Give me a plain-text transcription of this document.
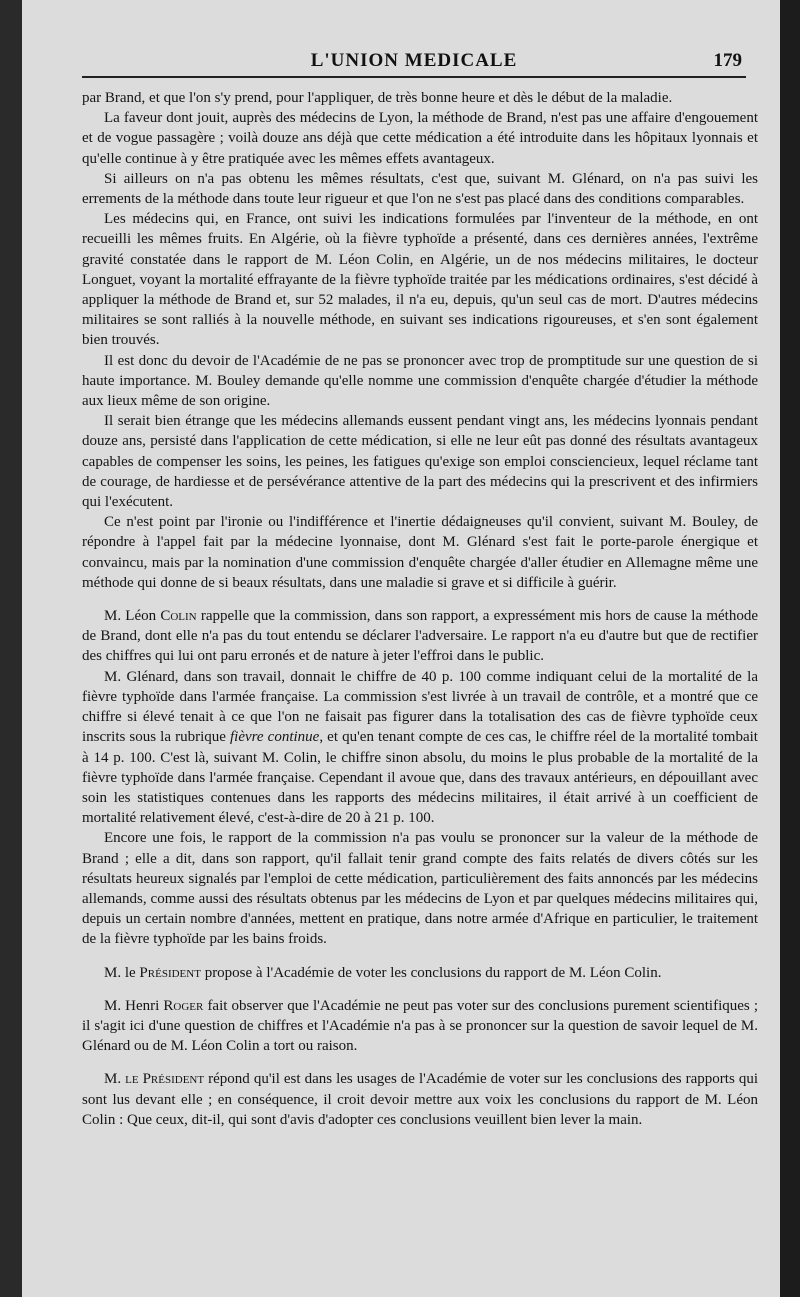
L'UNION MEDICALE	179

par Brand, et que l'on s'y prend, pour l'appliquer, de très bonne heure et dès le début de la maladie.

La faveur dont jouit, auprès des médecins de Lyon, la méthode de Brand, n'est pas une affaire d'engouement et de vogue passagère ; voilà douze ans déjà que cette médication a été introduite dans les hôpitaux lyonnais et qu'elle continue à y être pratiquée avec les mêmes effets avantageux.

Si ailleurs on n'a pas obtenu les mêmes résultats, c'est que, suivant M. Glénard, on n'a pas suivi les errements de la méthode dans toute leur rigueur et que l'on ne s'est pas placé dans des conditions comparables.

Les médecins qui, en France, ont suivi les indications formulées par l'inventeur de la méthode, en ont recueilli les mêmes fruits. En Algérie, où la fièvre typhoïde a présenté, dans ces dernières années, l'extrême gravité constatée dans le rapport de M. Léon Colin, en Algérie, un de nos médecins militaires, le docteur Longuet, voyant la mortalité effrayante de la fièvre typhoïde traitée par les médications ordinaires, s'est décidé à appliquer la méthode de Brand et, sur 52 malades, il n'a eu, depuis, qu'un seul cas de mort. D'autres médecins militaires se sont ralliés à la nouvelle méthode, en suivant ses indications rigoureuses, et s'en sont également bien trouvés.

Il est donc du devoir de l'Académie de ne pas se prononcer avec trop de promptitude sur une question de si haute importance. M. Bouley demande qu'elle nomme une commission d'enquête chargée d'étudier la méthode aux lieux même de son origine.

Il serait bien étrange que les médecins allemands eussent pendant vingt ans, les médecins lyonnais pendant douze ans, persisté dans l'application de cette médication, si elle ne leur eût pas donné des résultats avantageux capables de compenser les soins, les peines, les fatigues qu'exige son emploi consciencieux, lequel réclame tant de courage, de hardiesse et de persévérance attentive de la part des médecins qui la prescrivent et des infirmiers qui l'exécutent.

Ce n'est point par l'ironie ou l'indifférence et l'inertie dédaigneuses qu'il convient, suivant M. Bouley, de répondre à l'appel fait par la médecine lyonnaise, dont M. Glénard s'est fait le porte-parole énergique et convaincu, mais par la nomination d'une commission d'enquête chargée d'aller étudier en Allemagne même une méthode qui donne de si beaux résultats, dans une maladie si grave et si difficile à guérir.

M. Léon Colin rappelle que la commission, dans son rapport, a expressément mis hors de cause la méthode de Brand, dont elle n'a pas du tout entendu se déclarer l'adversaire. Le rapport n'a eu d'autre but que de rectifier des chiffres qui lui ont paru erronés et de nature à jeter l'effroi dans le public.

M. Glénard, dans son travail, donnait le chiffre de 40 p. 100 comme indiquant celui de la mortalité de la fièvre typhoïde dans l'armée française. La commission s'est livrée à un travail de contrôle, et a montré que ce chiffre si élevé tenait à ce que l'on ne faisait pas figurer dans la totalisation des cas de fièvre typhoïde ceux inscrits sous la rubrique fièvre continue, et qu'en tenant compte de ces cas, le chiffre réel de la mortalité tombait à 14 p. 100. C'est là, suivant M. Colin, le chiffre sinon absolu, du moins le plus probable de la mortalité de la fièvre typhoïde dans l'armée française. Cependant il avoue que, dans des travaux antérieurs, en dépouillant avec soin les statistiques contenues dans les rapports des médecins militaires, il était arrivé à un coefficient de mortalité relativement élevé, c'est-à-dire de 20 à 21 p. 100.

Encore une fois, le rapport de la commission n'a pas voulu se prononcer sur la valeur de la méthode de Brand ; elle a dit, dans son rapport, qu'il fallait tenir grand compte des faits relatés de divers côtés sur les résultats heureux signalés par l'emploi de cette médication, particulièrement des faits annoncés par les médecins allemands, comme aussi des résultats obtenus par les médecins de Lyon et par quelques médecins militaires qui, depuis un certain nombre d'années, mettent en pratique, dans notre armée d'Afrique en particulier, le traitement de la fièvre typhoïde par les bains froids.

M. le Président propose à l'Académie de voter les conclusions du rapport de M. Léon Colin.

M. Henri Roger fait observer que l'Académie ne peut pas voter sur des conclusions purement scientifiques ; il s'agit ici d'une question de chiffres et l'Académie n'a pas à se prononcer sur la question de savoir lequel de M. Glénard ou de M. Léon Colin a tort ou raison.

M. le Président répond qu'il est dans les usages de l'Académie de voter sur les conclusions des rapports qui sont lus devant elle ; en conséquence, il croit devoir mettre aux voix les conclusions du rapport de M. Léon Colin : Que ceux, dit-il, qui sont d'avis d'adopter ces conclusions veuillent bien lever la main.
